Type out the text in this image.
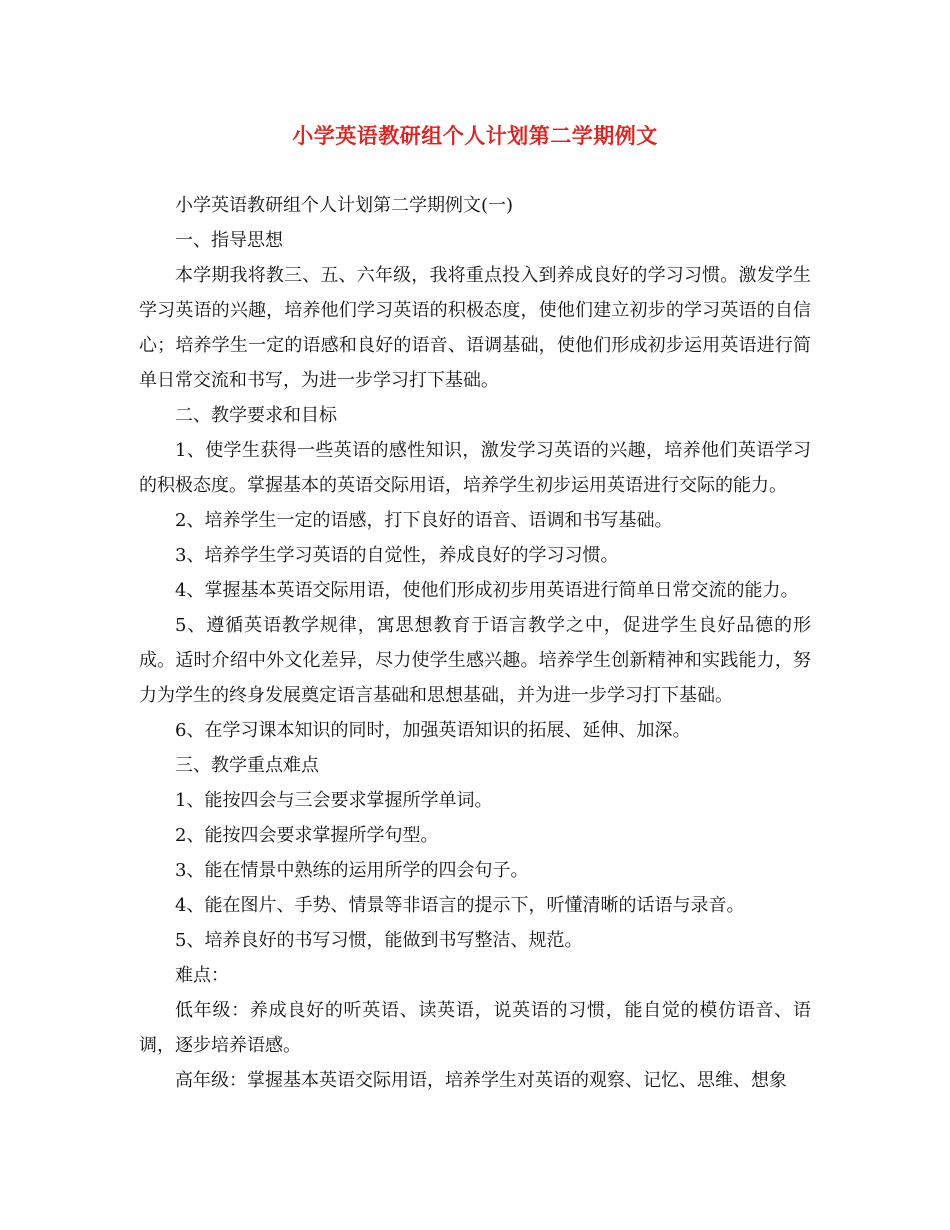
小学英语教研组个人计划第二学期例文

小学英语教研组个人计划第二学期例文(一)

一、指导思想

本学期我将教三、五、六年级，我将重点投入到养成良好的学习习惯。激发学生学习英语的兴趣，培养他们学习英语的积极态度，使他们建立初步的学习英语的自信心；培养学生一定的语感和良好的语音、语调基础，使他们形成初步运用英语进行简单日常交流和书写，为进一步学习打下基础。

二、教学要求和目标

1、使学生获得一些英语的感性知识，激发学习英语的兴趣，培养他们英语学习的积极态度。掌握基本的英语交际用语，培养学生初步运用英语进行交际的能力。

2、培养学生一定的语感，打下良好的语音、语调和书写基础。

3、培养学生学习英语的自觉性，养成良好的学习习惯。

4、掌握基本英语交际用语，使他们形成初步用英语进行简单日常交流的能力。

5、遵循英语教学规律，寓思想教育于语言教学之中，促进学生良好品德的形成。适时介绍中外文化差异，尽力使学生感兴趣。培养学生创新精神和实践能力，努力为学生的终身发展奠定语言基础和思想基础，并为进一步学习打下基础。

6、在学习课本知识的同时，加强英语知识的拓展、延伸、加深。

三、教学重点难点

1、能按四会与三会要求掌握所学单词。

2、能按四会要求掌握所学句型。

3、能在情景中熟练的运用所学的四会句子。

4、能在图片、手势、情景等非语言的提示下，听懂清晰的话语与录音。

5、培养良好的书写习惯，能做到书写整洁、规范。

难点：

低年级：养成良好的听英语、读英语，说英语的习惯，能自觉的模仿语音、语调，逐步培养语感。

高年级：掌握基本英语交际用语，培养学生对英语的观察、记忆、思维、想象
